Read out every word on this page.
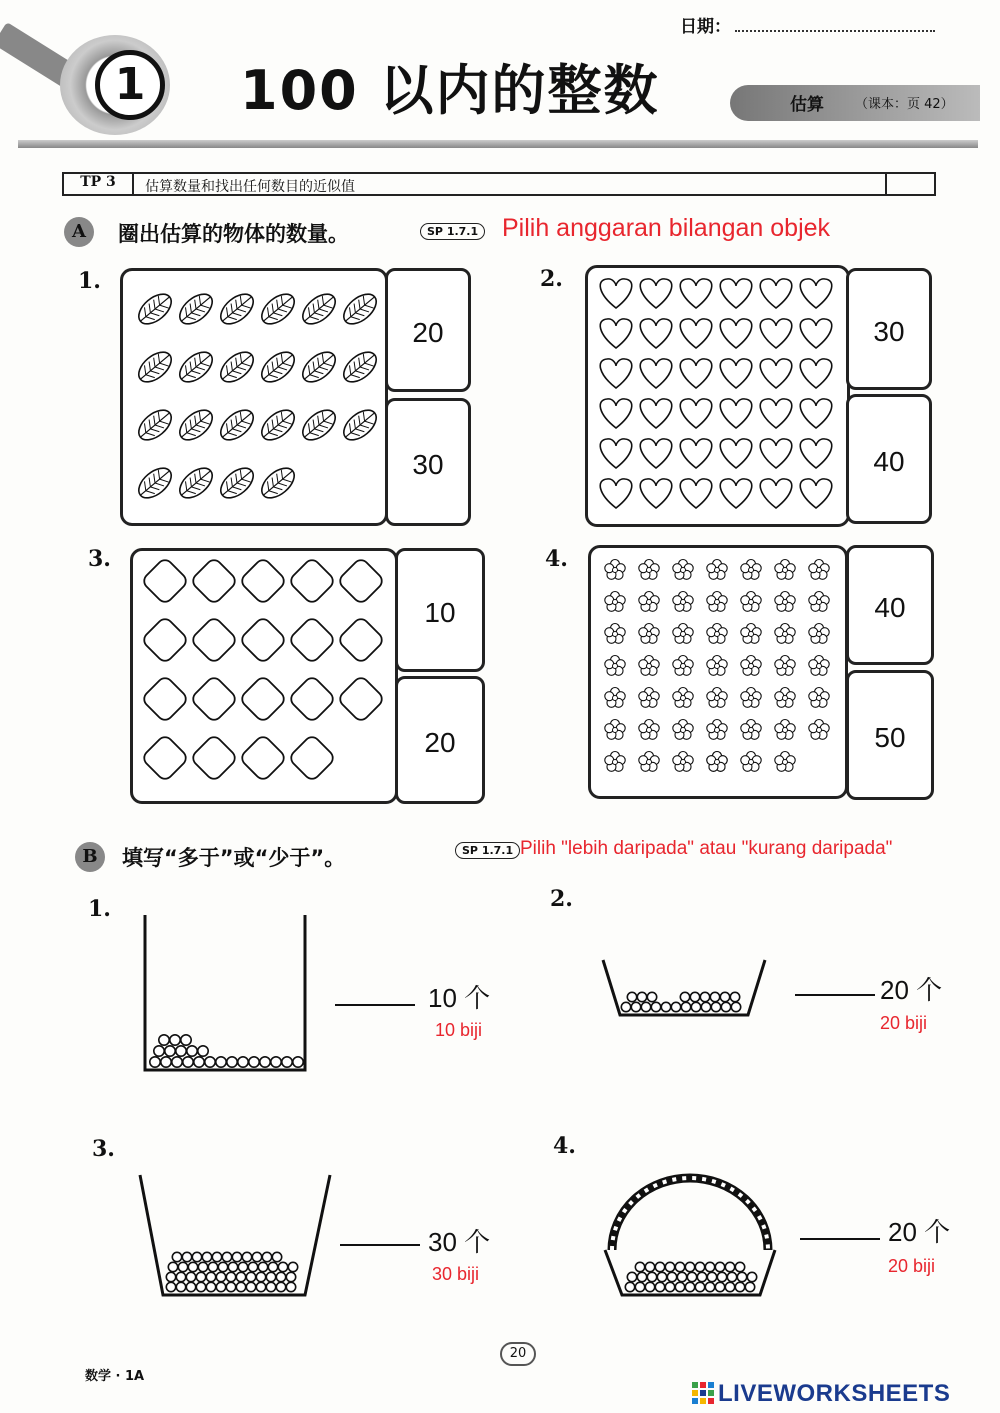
日期：
1	100 以内的整数	估算 （课本：页 42）
TP 3	估算数量和找出任何数目的近似值
A	圈出估算的物体的数量。	SP 1.7.1 Pilih anggaran bilangan objek
1.
20
30
2.
30
40
3.
10
20
4.
40
50
B	填写“多于”或“少于”。	SP 1.7.1 Pilih "lebih daripada" atau "kurang daripada"
1.
10 个
10 biji
2.
20 个
20 biji
3.
30 个
30 biji
4.
20 个
20 biji
数学 · 1A
20
LIVEWORKSHEETS
